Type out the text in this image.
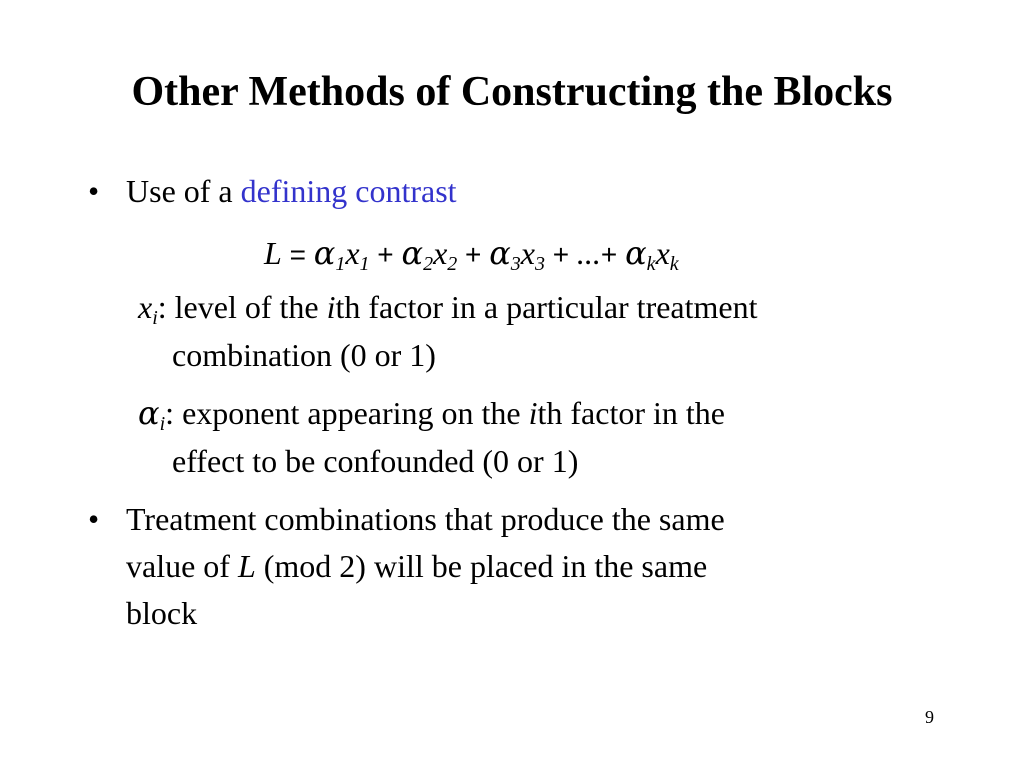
Other Methods of Constructing the Blocks
• Use of a defining contrast
$L = \alpha_1x_1 + \alpha_2x_2 + \alpha_3x_3$ + ...+ $\alpha_kx_k$
$x_i$: level of the ith factor in a particular treatment
combination (0 or 1)
$\alpha_i$: exponent appearing on the ith factor in the
effect to be confounded (0 or 1)
• Treatment combinations that produce the same
value of L (mod 2) will be placed in the same
block
9
